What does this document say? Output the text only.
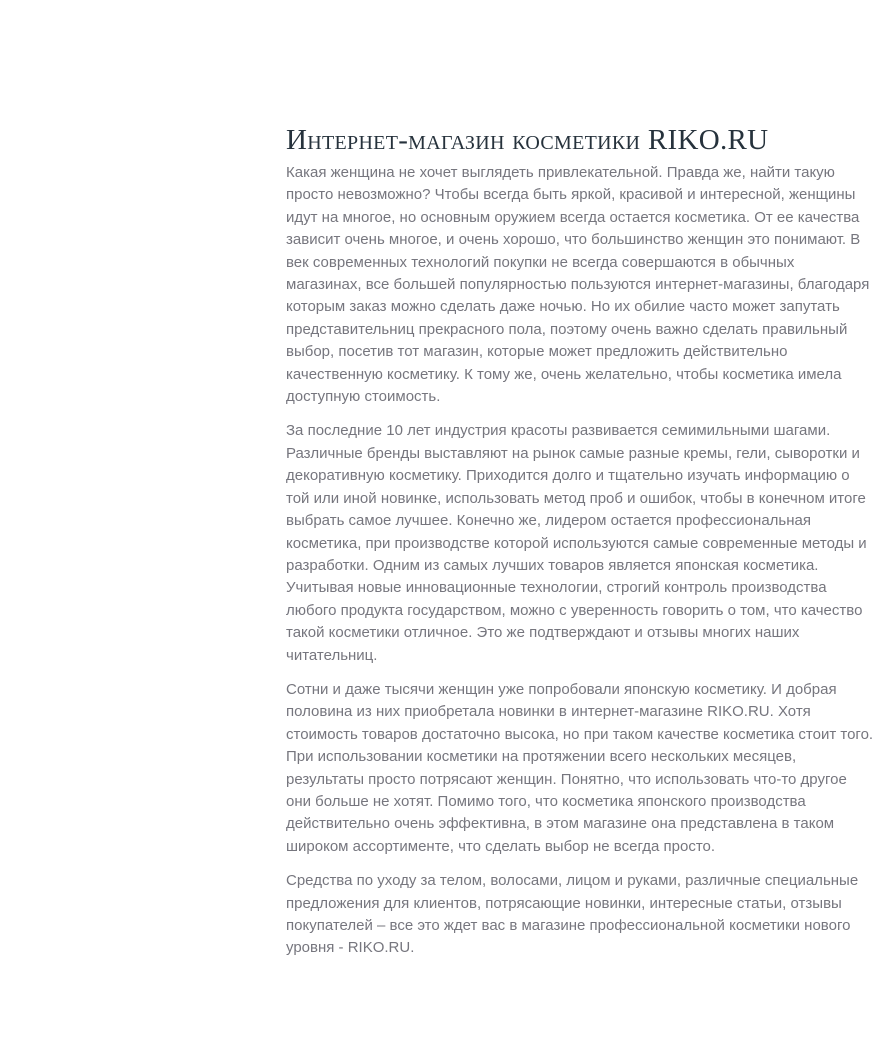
Интернет-магазин косметики RIKO.RU

Какая женщина не хочет выглядеть привлекательной. Правда же, найти такую
просто невозможно? Чтобы всегда быть яркой, красивой и интересной, женщины
идут на многое, но основным оружием всегда остается косметика. От ее качества
зависит очень многое, и очень хорошо, что большинство женщин это понимают. В
век современных технологий покупки не всегда совершаются в обычных
магазинах, все большей популярностью пользуются интернет-магазины, благодаря
которым заказ можно сделать даже ночью. Но их обилие часто может запутать
представительниц прекрасного пола, поэтому очень важно сделать правильный
выбор, посетив тот магазин, которые может предложить действительно
качественную косметику. К тому же, очень желательно, чтобы косметика имела
доступную стоимость.

За последние 10 лет индустрия красоты развивается семимильными шагами.
Различные бренды выставляют на рынок самые разные кремы, гели, сыворотки и
декоративную косметику. Приходится долго и тщательно изучать информацию о
той или иной новинке, использовать метод проб и ошибок, чтобы в конечном итоге
выбрать самое лучшее. Конечно же, лидером остается профессиональная
косметика, при производстве которой используются самые современные методы и
разработки. Одним из самых лучших товаров является японская косметика.
Учитывая новые инновационные технологии, строгий контроль производства
любого продукта государством, можно с уверенность говорить о том, что качество
такой косметики отличное. Это же подтверждают и отзывы многих наших
читательниц.

Сотни и даже тысячи женщин уже попробовали японскую косметику. И добрая
половина из них приобретала новинки в интернет-магазине RIKO.RU. Хотя
стоимость товаров достаточно высока, но при таком качестве косметика стоит того.
При использовании косметики на протяжении всего нескольких месяцев,
результаты просто потрясают женщин. Понятно, что использовать что-то другое
они больше не хотят. Помимо того, что косметика японского производства
действительно очень эффективна, в этом магазине она представлена в таком
широком ассортименте, что сделать выбор не всегда просто.

Средства по уходу за телом, волосами, лицом и руками, различные специальные
предложения для клиентов, потрясающие новинки, интересные статьи, отзывы
покупателей – все это ждет вас в магазине профессиональной косметики нового
уровня - RIKO.RU.
